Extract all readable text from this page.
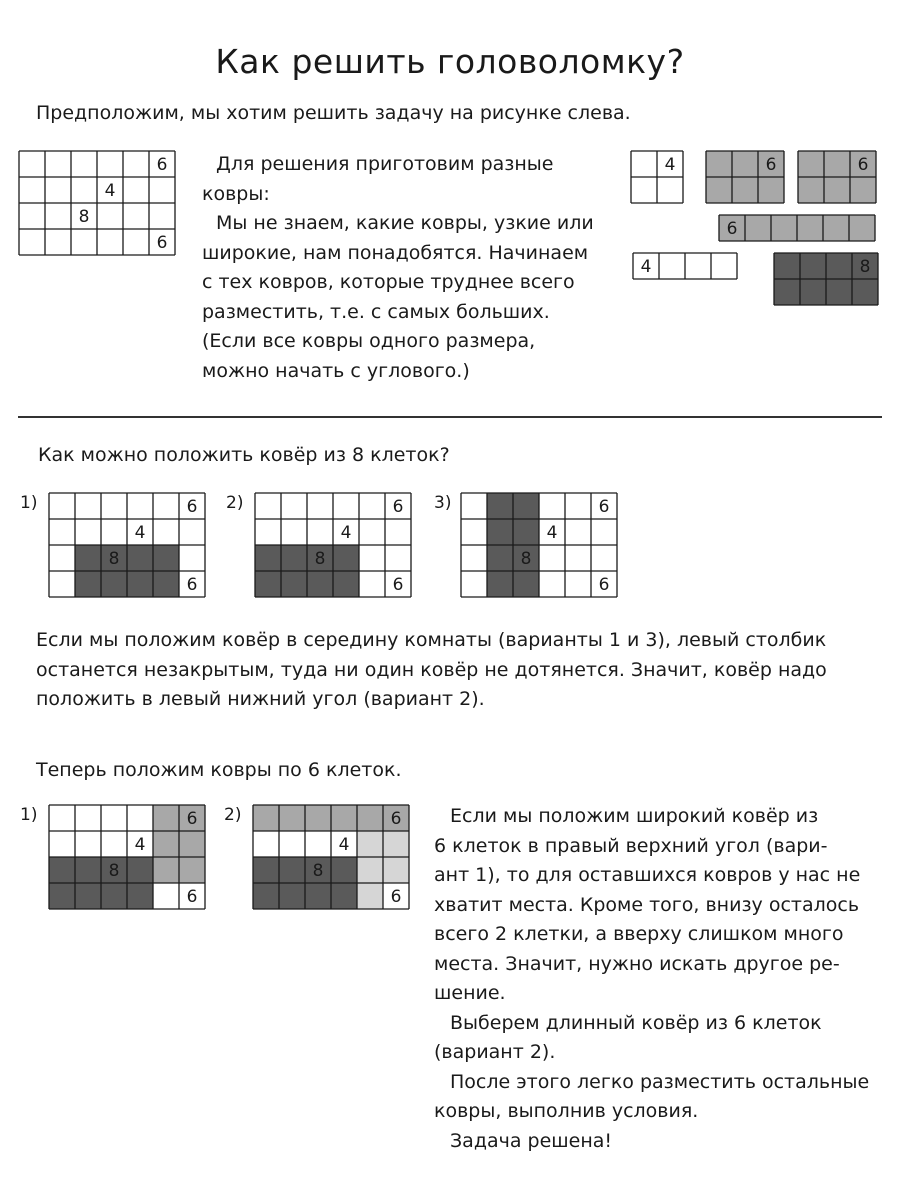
Как решить головоломку?
Предположим, мы хотим решить задачу на рисунке слева.
6
4
8
6
Для решения приготовим разные
ковры:
Мы не знаем, какие ковры, узкие или
широкие, нам понадобятся. Начинаем
с тех ковров, которые труднее всего
разместить, т.е. с самых больших.
(Если все ковры одного размера,
можно начать с углового.)
4	6	6
6
4	8
Как можно положить ковёр из 8 клеток?
1)	6
4
8
6
2)	6
4
8
6
3)	6
4
8
6
Если мы положим ковёр в середину комнаты (варианты 1 и 3), левый столбик
останется незакрытым, туда ни один ковёр не дотянется. Значит, ковёр надо
положить в левый нижний угол (вариант 2).
Теперь положим ковры по 6 клеток.
1)	6
4
8
6
2)	6
4
8
6
Если мы положим широкий ковёр из
6 клеток в правый верхний угол (вари-
ант 1), то для оставшихся ковров у нас не
хватит места. Кроме того, внизу осталось
всего 2 клетки, а вверху слишком много
места. Значит, нужно искать другое ре-
шение.
Выберем длинный ковёр из 6 клеток
(вариант 2).
После этого легко разместить остальные
ковры, выполнив условия.
Задача решена!
